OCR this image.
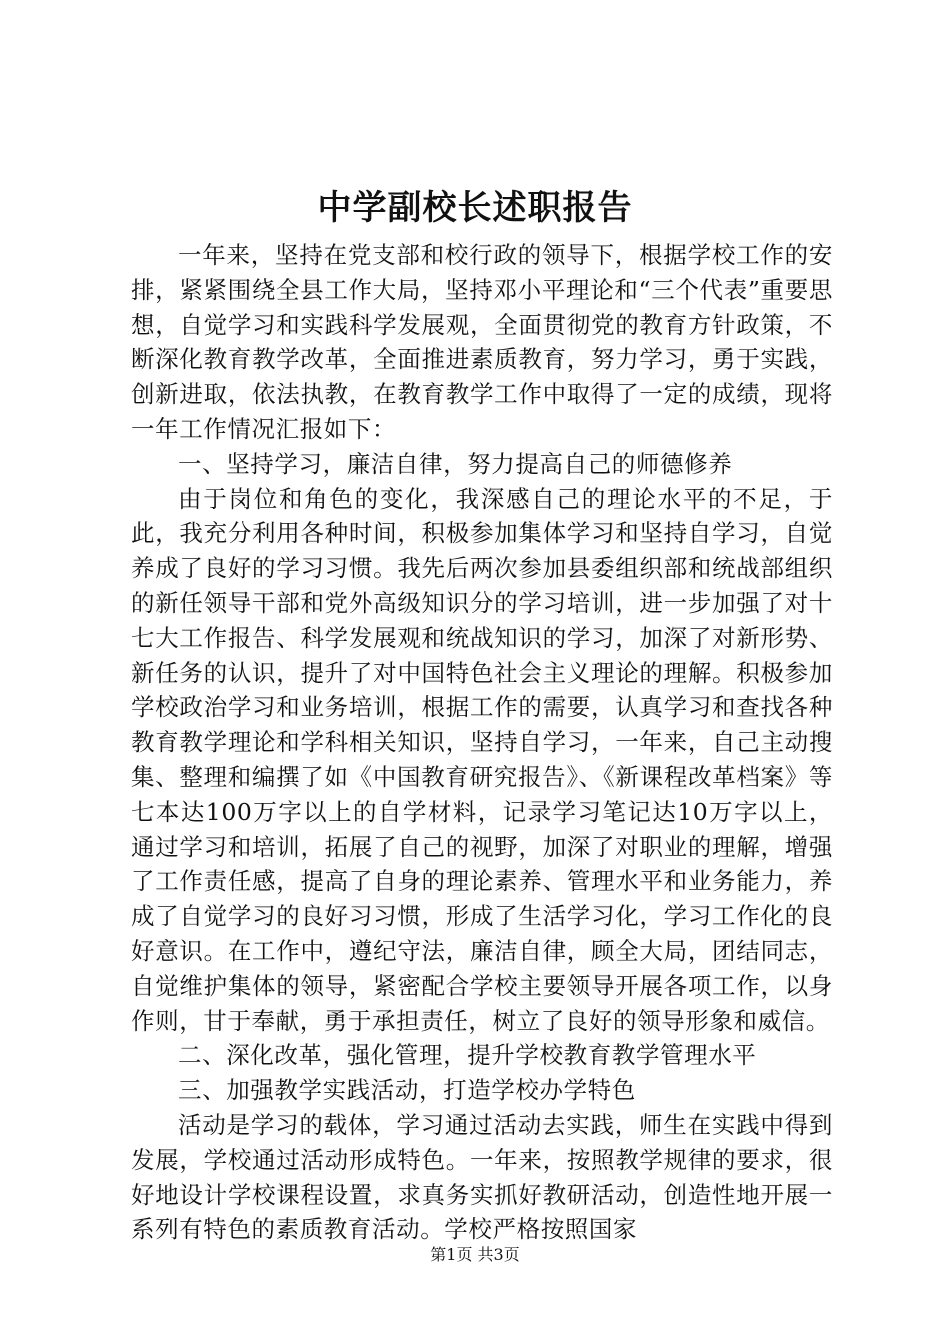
中学副校长述职报告

一年来，坚持在党支部和校行政的领导下，根据学校工作的安排，紧紧围绕全县工作大局，坚持邓小平理论和“三个代表”重要思想，自觉学习和实践科学发展观，全面贯彻党的教育方针政策，不断深化教育教学改革，全面推进素质教育，努力学习，勇于实践，创新进取，依法执教，在教育教学工作中取得了一定的成绩，现将一年工作情况汇报如下：

一、坚持学习，廉洁自律，努力提高自己的师德修养

由于岗位和角色的变化，我深感自己的理论水平的不足，于此，我充分利用各种时间，积极参加集体学习和坚持自学习，自觉养成了良好的学习习惯。我先后两次参加县委组织部和统战部组织的新任领导干部和党外高级知识分的学习培训，进一步加强了对十七大工作报告、科学发展观和统战知识的学习，加深了对新形势、新任务的认识，提升了对中国特色社会主义理论的理解。积极参加学校政治学习和业务培训，根据工作的需要，认真学习和查找各种教育教学理论和学科相关知识，坚持自学习，一年来，自己主动搜集、整理和编撰了如《中国教育研究报告》、《新课程改革档案》等七本达100万字以上的自学材料，记录学习笔记达10万字以上，通过学习和培训，拓展了自己的视野，加深了对职业的理解，增强了工作责任感，提高了自身的理论素养、管理水平和业务能力，养成了自觉学习的良好习习惯，形成了生活学习化，学习工作化的良好意识。在工作中，遵纪守法，廉洁自律，顾全大局，团结同志，自觉维护集体的领导，紧密配合学校主要领导开展各项工作，以身作则，甘于奉献，勇于承担责任，树立了良好的领导形象和威信。

二、深化改革，强化管理，提升学校教育教学管理水平

三、加强教学实践活动，打造学校办学特色

活动是学习的载体，学习通过活动去实践，师生在实践中得到发展，学校通过活动形成特色。一年来，按照教学规律的要求，很好地设计学校课程设置，求真务实抓好教研活动，创造性地开展一系列有特色的素质教育活动。学校严格按照国家

第1页 共3页
